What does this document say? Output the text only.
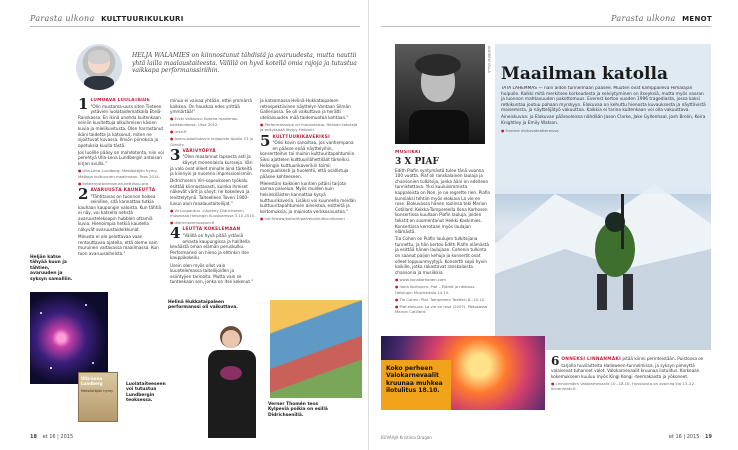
Parasta ulkona KULTTUURIKULKURI
HELJÄ WALAMIES on kiinnostunut tähdistä ja avaruudesta, mutta nauttii yhtä lailla maalaustaiteesta. Välillä on hyvä kotellä omia rajoja ja tutustua vaikkapa performanssiriihin.
1 LUMOAVA LUOLATAIDE

"Olin mustama-uuss siten Tieteen ystävien luolataidematkalla Etelä-Ranskassa. En ikinä unohda kuitenkaan seiniin kuvitettuja alkuihmisen käsien kuvia ja mielikuvitusta. Olen harrastanut ikäni taidetta ja katsonut, miten ne sijoittuvat kuvassa. Ilmiön piirroksia ja opetuksia kuulla tästä.

Jos luolille pääsy on mahdotonta, niin voi perehtyä Ulla-Lena Lundbergin antoisan kirjan avulla."

● Ulla-Lena Lundberg: Metsästäjän hymy. Matkoja kulttuurien maailmaan. Teos 2014.

● tieteenystavienseura.netti/svu.org

2 AVARUUSTA KAUNEUTTA

"Tähtitaivas on tuonnon hoikea seinillee, sitä kannattaa tutkia kauhaan kaupungin valoista. Kun tähtiä ei näy, voi katsella netistä avaruustelekoopin hubblen ottamiä kuvia. Hienoimpia hetkiä kaudella näkyvät avaruustaideikkunat.

Minusta ei ole pelottavaa vaan rentouttavaa ajatella, että oleme vain muruinen valtavassa maailmassa. Kun tuon avaruusaiheista."

minua ei vaivaa yhtään, ettei ymmärrä kaikkea. On hauskaa edes yrittää ymmärtää!"

● Erkki Valtavuo: Kotona maailman-kaikkeudessa. Ursa 2012.

● ursa.fi

● Avaruuskalliokuvin kuljapiste Apollo 13 ja Gravity.

3 VÄRIVYÖPYÄ

"Olen maalannut lapsesta asti ja käynyt monenlaisia kursseja. Väri ja valo ovat olleet minulle aina tärkeitä ja kiinnyin ja nuorena impressionismiin.

Didrichsenin Viri-sopeukseen työkalu esittää kiinnostavasti, kuinka ihmiset näkevät värit ja sävyt: ne kokeileva ja levittelytynä. Taiteelleen Toveri 1900-luvun alun maalaustaiteilijat."

● Viri-vopautuu –näyttely Didrichsenin museossa Helsingin Kuusisaressa 3.10.2015.

● didrichsenmuseum.fi

4 LEUTTA KOKELEMAAN

"Välillä on hyvä pitää ystäviä omasta kaupungissa ja hallitella keväästä oman elämän peruskulku. Performanssi on hieno ja ehtinkin itse kauppikokeilu.

Usein olen myös ollut vain kuuntelemassa taiteilijoiden ja esiintyjien tarinoita. Mutta vain se tunteekaan sen, jonka on itse kokenut."

ja katsomassa Helinä Hukkataipaleen retrospektiivinen näyttelyn Vantaan Silmän Galleriassa. Se oli vaikuttava ja herätti uteliaisuuden mää taidemuotoa kohtaan."

● Performanssipa on monenlaisia. Helinän tekstejä ja esityksistä löytyy Helsinki.

5 KULTTUURIKAVERIKSI

"Olisi kovin sanoiltaa, jos vanhempana en päässe enää näyttelyihin, konsertteihin tai muihin kulttuuritapahtumiin. Siksi ajattelen kulttuurilähettiläät tärkeiksi. Helsingin kulttuurikaverikin toimii monipuolisesti ja huolehtii, että osallistuja pääsee kohteeseen.

Mielestäni kaikkien kuntien pitäisi tarjota samaa palvelua. Myös muiden kuin helsinkiläisten kannattaa kysyä kulttuurikaveria. Lisäksi voi kuunnella meidän kulttuuritapahtumien aineistoa, esitteitä ja kertomuksia, ja mainiota verkkosivustoa."

● hel.fi/www/kulke/fi/palvelut/kulttuurikaveri

Heljän katse tähyää kuun ja tähtien, avaruuden ja syksyn samalliin.
Ulla-Lena Lundberg
Metsästäjän hymy
Luolataiteeseen voi tutustua Lundbergin teoksessa.
Helinä Hukkataipaleen performanssi oli vaikuttava.
Verner Thomén teos Kylpeviä poikia on esillä Didrichsenillä.
18 et 16 | 2015
Parasta ulkona MENOT
ANDREW VILLA
MUSIIKKI
3 X PIAF

Edith Piafin syntymästä tulee tänä vuonna 100 vuotta. Piaf oli ranskalainen laulaja ja chansonien tulkitsija, jonka ääni on edelleen tunnistettava. Yksi kuuluisimmista kappaleista on Non, je ne regrette rien. Piafin kunniaksi tehtiin myös elokuva La vie en rose. Elokuvassa hänen roolinsa teki Marion Cotillard. Keikka-Tampereella Ilona Korhosen konsertissa kuullaan Piafin lauluja, joiden tekstit on suomentanut Heikki Kaskimies. Konsertissa kerrotaan myös laulajan elämästä.

Tia Cohen on Piafin laulujen tulkitsijana tunnettu, ja hän kertoo Edith Piafin elämästä ja esittää hänen laulujaan. Cohenin tulkinta on saanut paljon kehuja ja konsertit ovat olleet loppuunmyytyjä. Konsertti sopii hyvin kaikille, jotka rakastavat ranskalaista chansonia ja musiikkia.

● www.ilonakorhonen.com

● Ilona Korhonen: Piaf – Elämä ja rakkaus. Helsingin Musiikkitalo 14.10.

● Tia Cohen: Piaf. Tampereen Teatteri 8.–10.10.

● Piaf-elokuva: La vie en rose (2007). Pääosassa Marion Cotillard.

Maailman katolla

TÄTÄ LÄHEMMÄS — näin aidon tunnelmaan pääsee. Muuten ovat kamppaileva Himalajan huipulle. Kaikki mitä merkitsee korkeudesta ja selviytyminen on itseyksiä, mutta myös vaaran ja luonnon mahtavuuden pakottomuus. Everest kertoo vuoden 1996 tragediasta, jossa kaksi retkikuntaa joutuu pahaan myrskyyn. Elokuvaa on kehuttu hienosta kuvauksesta ja näyttävistä maisemista, ja näyttelijätyö vakuuttaa. Kaikkia ei tarina kuitenkaan voi olla vakuuttava.

Aineiskuvaa: ja Elokuvan päärooleissa nähdään Jason Clarke, Jake Gyllenhaal, Josh Brolin, Keira Knightley ja Emily Watson.

● Everest elokuvateattereissa.

Koko perheen Valokarnevaalit kruunaa muhkea ilotulitus 18.10.

6 ONNEKSI LINNANMÄKI pitää kiinni perinteistään. Puistossa on tarjolla huvilaitteita Halloween-tunnelmissa, ja syksyn pimeyttä valaisevat tuhannet valot. Valokarnevaalit kruunaa ilotulitus. Korkeaan kokemukseen kuuluu myös Kingi Kongi -teemakaista ja yökoneet.

● Linnanmäen Valokarnevaalit 10.–18.10. Huvipuisto on avoinna klo 13–22. linnanmaki.fi

KUVAAJA Kristiina Dragon	et 16 | 2015 19
